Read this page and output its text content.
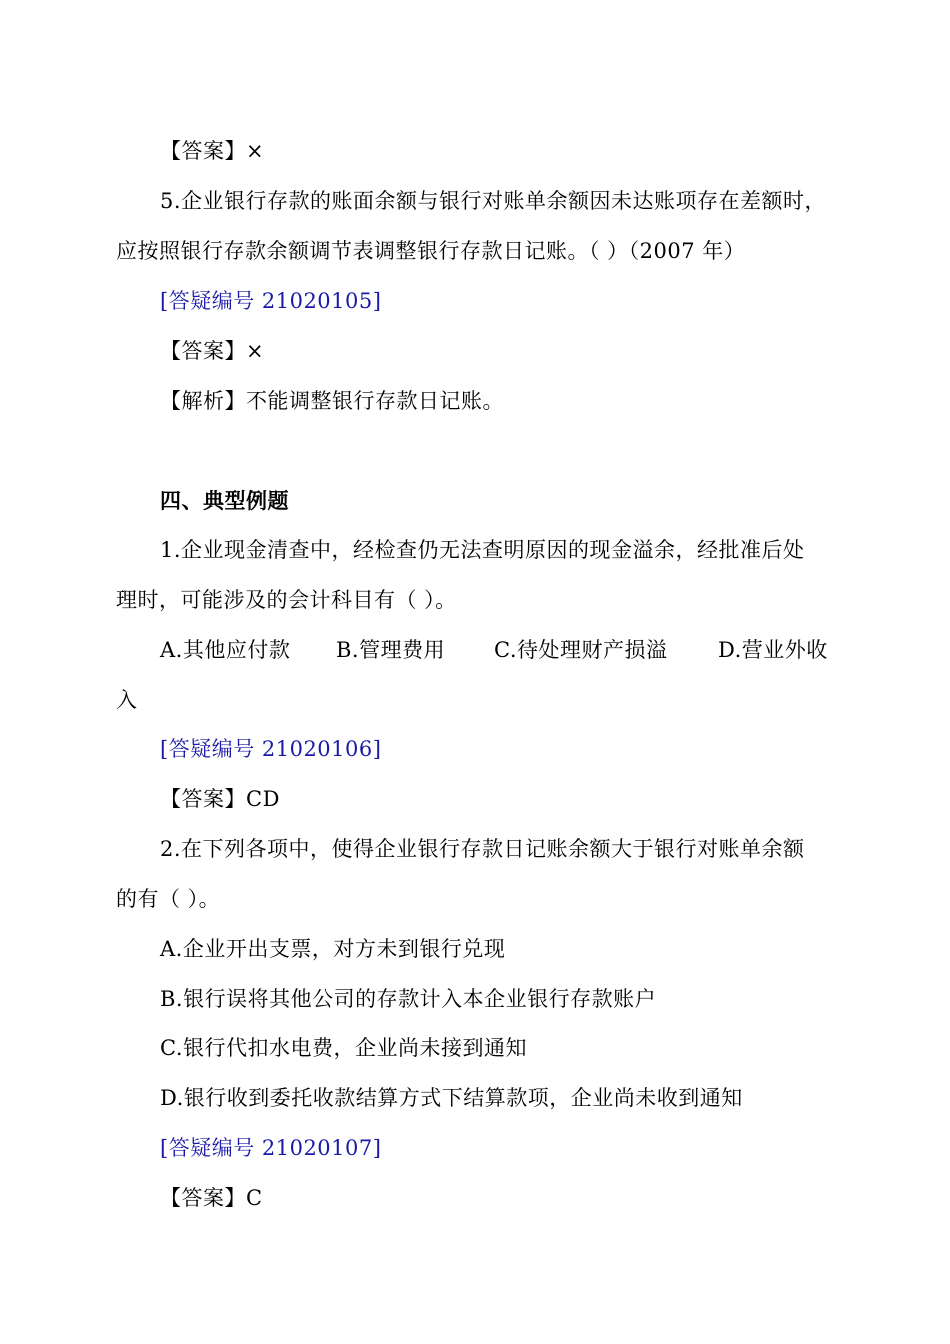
【答案】×
5.企业银行存款的账面余额与银行对账单余额因未达账项存在差额时，
应按照银行存款余额调节表调整银行存款日记账。（ ）（2007 年）
[答疑编号 21020105]
【答案】×
【解析】不能调整银行存款日记账。
四、典型例题
1.企业现金清查中，经检查仍无法查明原因的现金溢余，经批准后处
理时，可能涉及的会计科目有（ ）。
A.其他应付款 B.管理费用 C.待处理财产损溢 D.营业外收
入
[答疑编号 21020106]
【答案】CD
2.在下列各项中，使得企业银行存款日记账余额大于银行对账单余额
的有（ ）。
A.企业开出支票，对方未到银行兑现
B.银行误将其他公司的存款计入本企业银行存款账户
C.银行代扣水电费，企业尚未接到通知
D.银行收到委托收款结算方式下结算款项，企业尚未收到通知
[答疑编号 21020107]
【答案】C
